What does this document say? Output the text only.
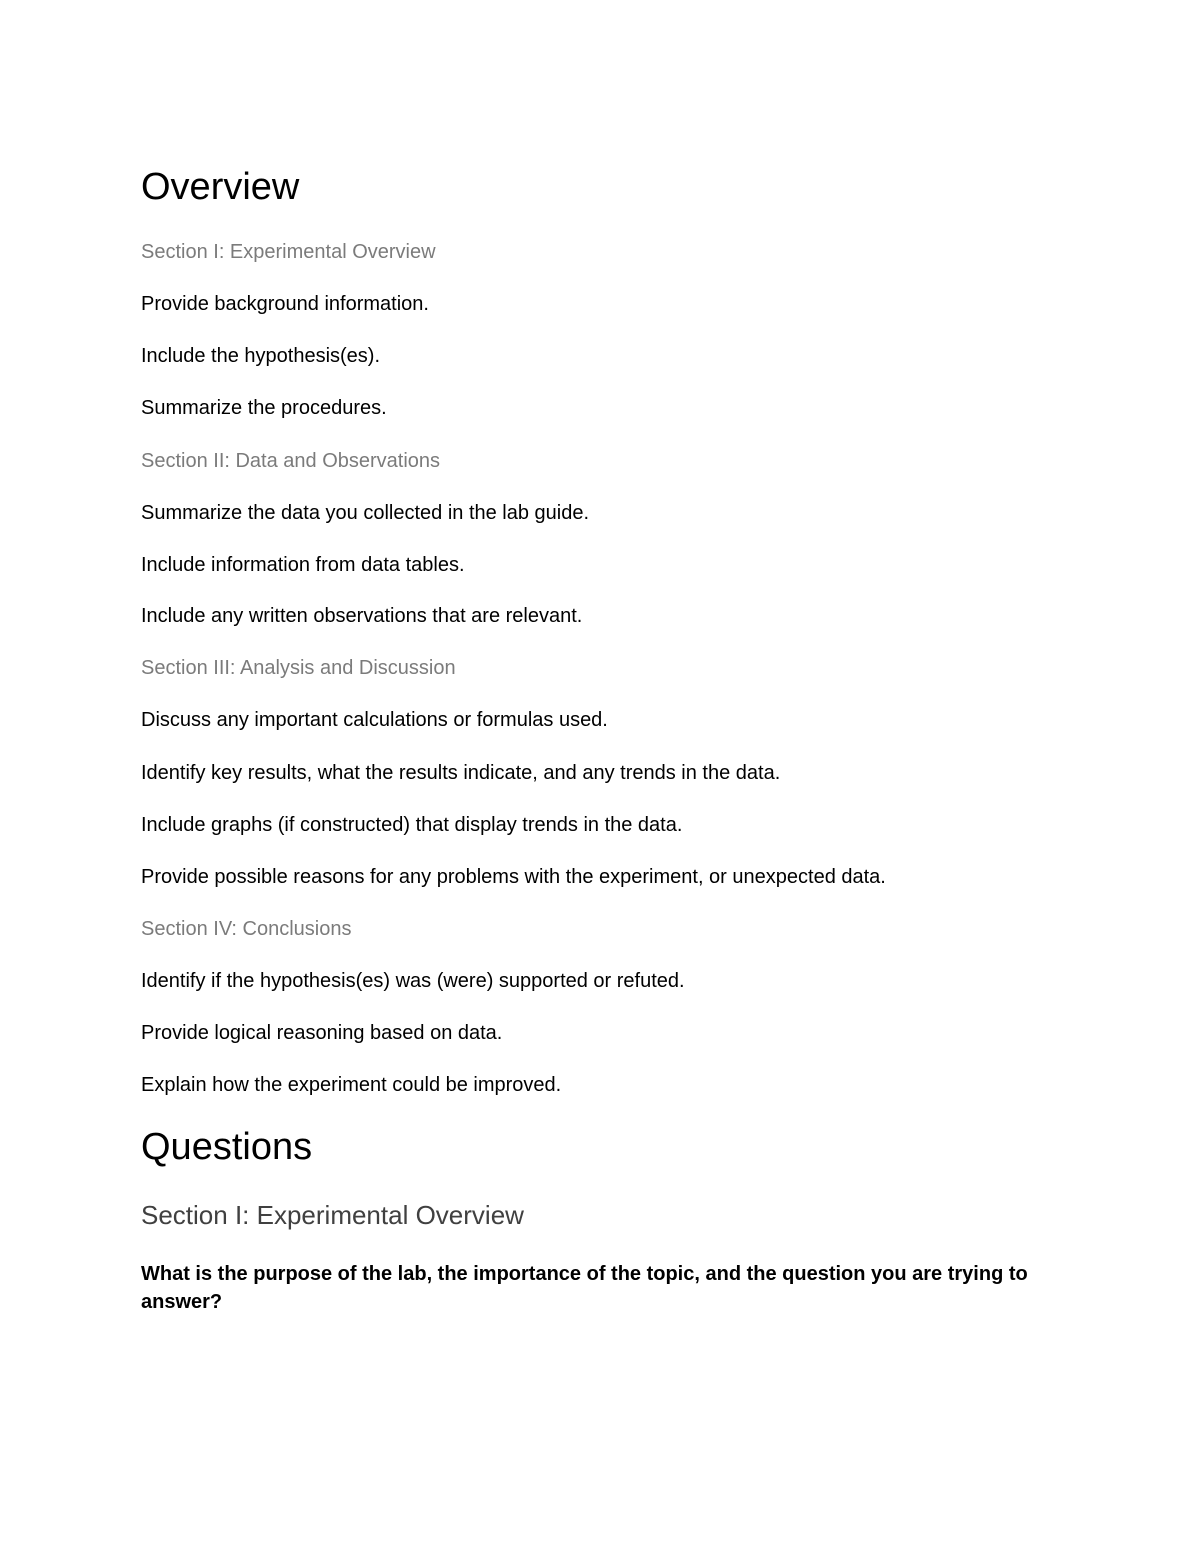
Overview

Section I: Experimental Overview

Provide background information.

Include the hypothesis(es).

Summarize the procedures.

Section II: Data and Observations

Summarize the data you collected in the lab guide.

Include information from data tables.

Include any written observations that are relevant.

Section III: Analysis and Discussion

Discuss any important calculations or formulas used.

Identify key results, what the results indicate, and any trends in the data.

Include graphs (if constructed) that display trends in the data.

Provide possible reasons for any problems with the experiment, or unexpected data.

Section IV: Conclusions

Identify if the hypothesis(es) was (were) supported or refuted.

Provide logical reasoning based on data.

Explain how the experiment could be improved.

Questions
Section I: Experimental Overview

What is the purpose of the lab, the importance of the topic, and the question you are trying to answer?
